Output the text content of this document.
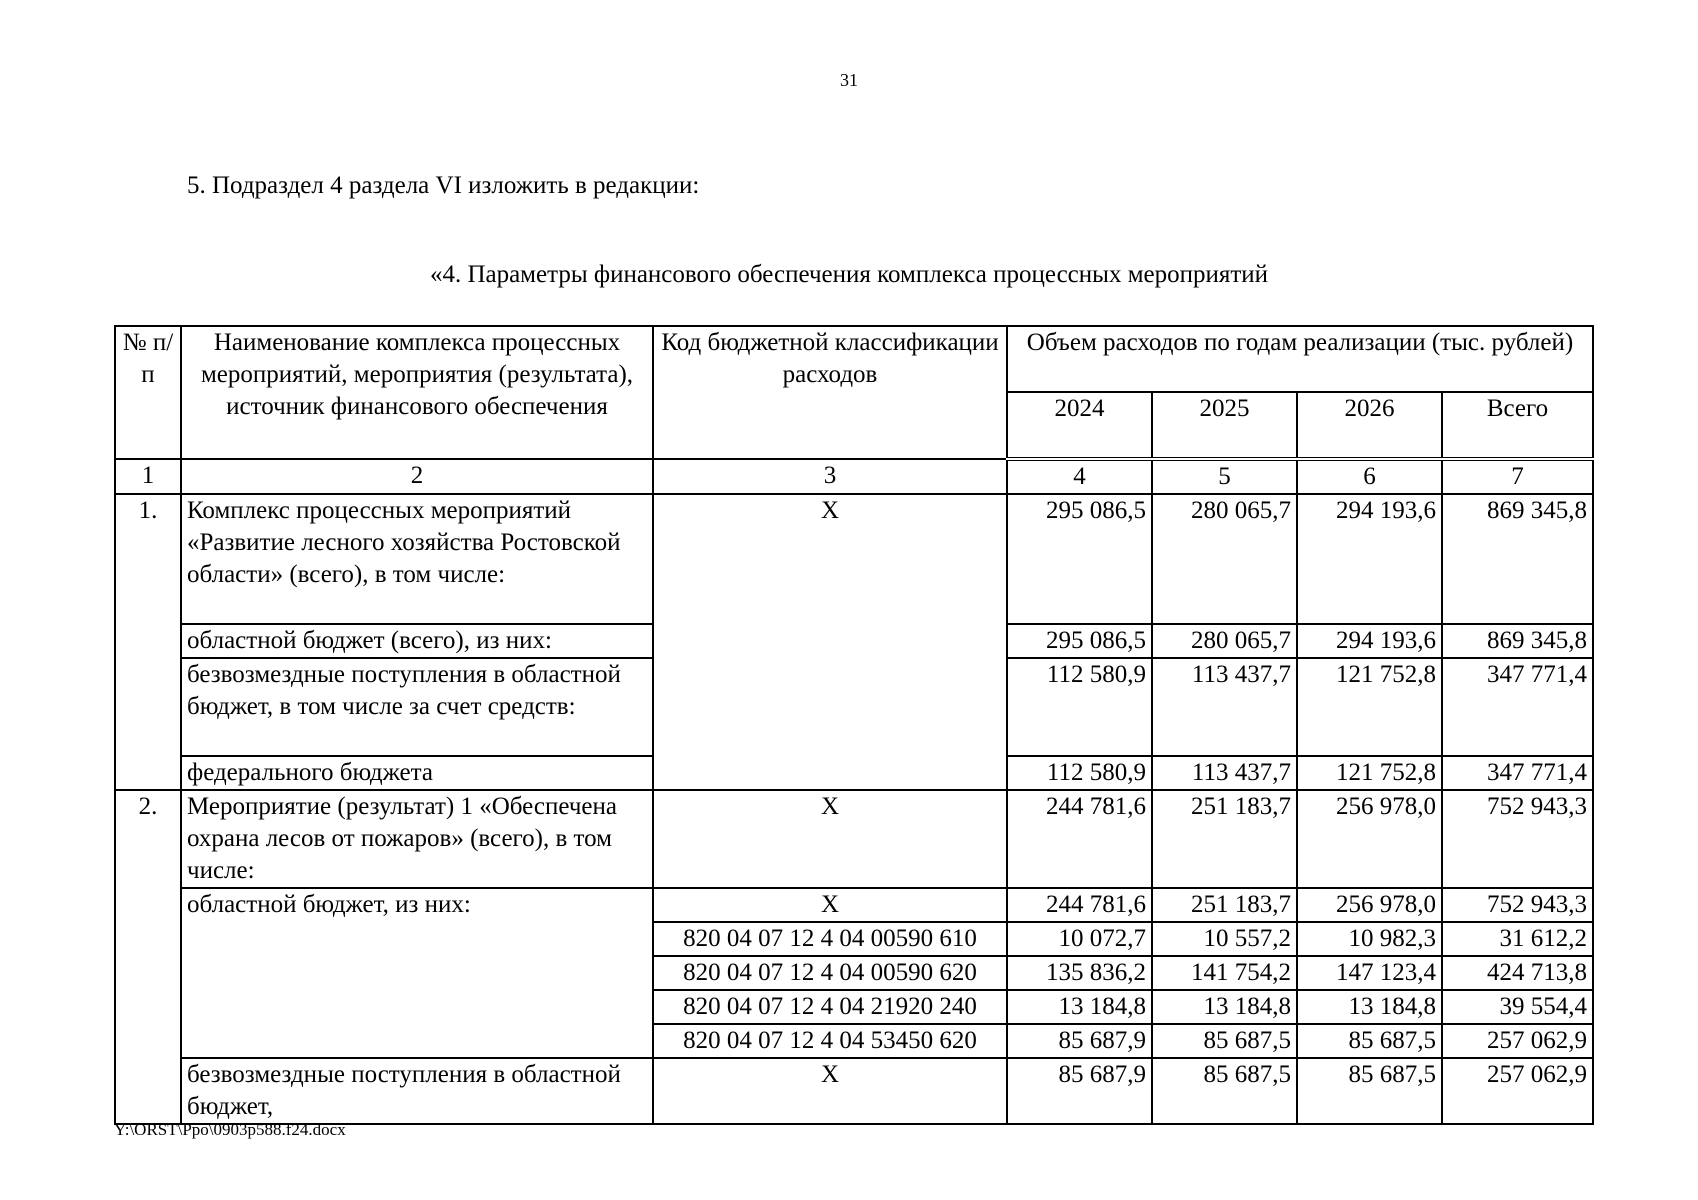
31
5. Подраздел 4 раздела VI изложить в редакции:
«4. Параметры финансового обеспечения комплекса процессных мероприятий
№ п/п	Наименование комплекса процессных мероприятий, мероприятия (результата), источник финансового обеспечения	Код бюджетной классификации расходов	Объем расходов по годам реализации (тыс. рублей)			
			2024	2025	2026	Всего
1	2	3	4	5	6	7
1.	Комплекс процессных мероприятий «Развитие лесного хозяйства Ростовской области» (всего), в том числе:	Х	295 086,5	280 065,7	294 193,6	869 345,8
	областной бюджет (всего), из них:		295 086,5	280 065,7	294 193,6	869 345,8
	безвозмездные поступления в областной бюджет, в том числе за счет средств:		112 580,9	113 437,7	121 752,8	347 771,4
	федерального бюджета		112 580,9	113 437,7	121 752,8	347 771,4
2.	Мероприятие (результат) 1 «Обеспечена охрана лесов от пожаров» (всего), в том числе:	Х	244 781,6	251 183,7	256 978,0	752 943,3
	областной бюджет, из них:	Х	244 781,6	251 183,7	256 978,0	752 943,3
		820 04 07 12 4 04 00590 610	10 072,7	10 557,2	10 982,3	31 612,2
		820 04 07 12 4 04 00590 620	135 836,2	141 754,2	147 123,4	424 713,8
		820 04 07 12 4 04 21920 240	13 184,8	13 184,8	13 184,8	39 554,4
		820 04 07 12 4 04 53450 620	85 687,9	85 687,5	85 687,5	257 062,9
	безвозмездные поступления в областной бюджет,	Х	85 687,9	85 687,5	85 687,5	257 062,9
Y:\ORST\Ppo\0903p588.f24.docx
